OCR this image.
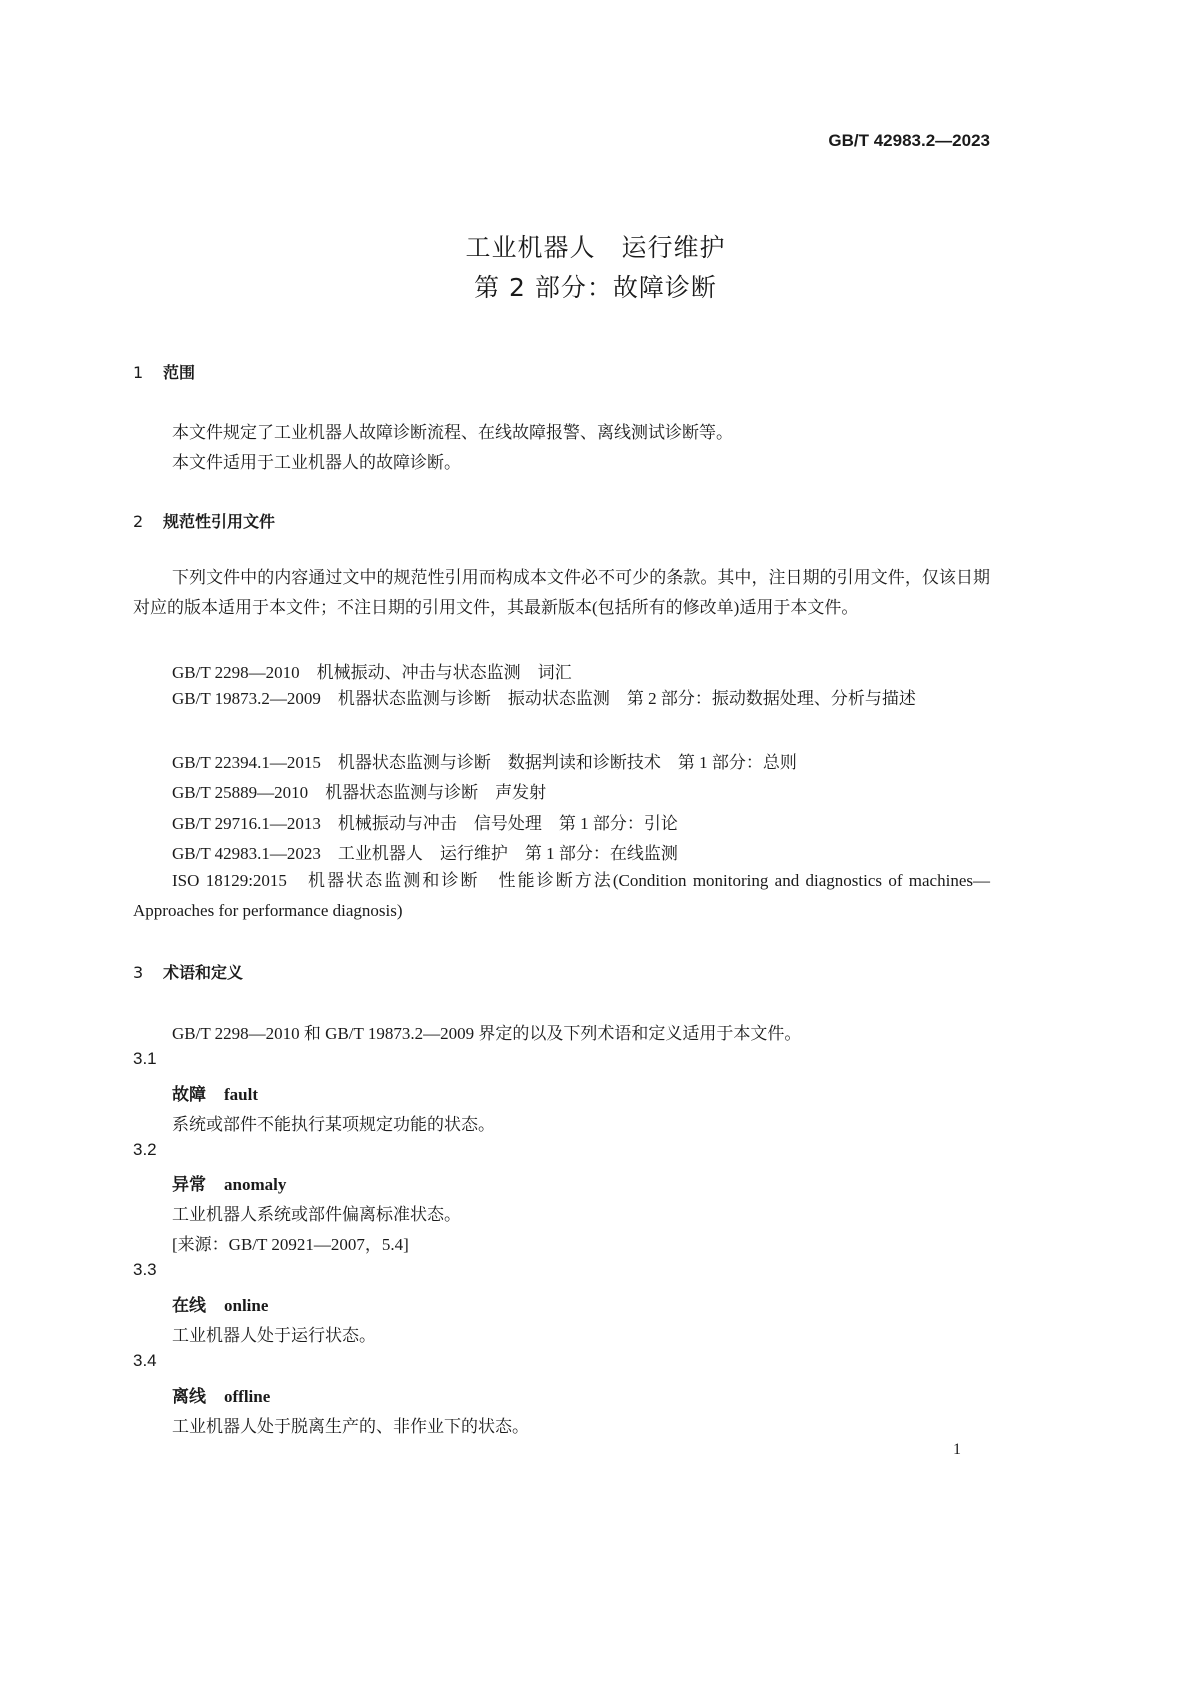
GB/T 42983.2—2023
工业机器人　运行维护
第 2 部分：故障诊断
1 范围
本文件规定了工业机器人故障诊断流程、在线故障报警、离线测试诊断等。
本文件适用于工业机器人的故障诊断。
2 规范性引用文件
下列文件中的内容通过文中的规范性引用而构成本文件必不可少的条款。其中，注日期的引用文件，仅该日期对应的版本适用于本文件；不注日期的引用文件，其最新版本(包括所有的修改单)适用于本文件。
GB/T 2298—2010　机械振动、冲击与状态监测　词汇
GB/T 19873.2—2009　机器状态监测与诊断　振动状态监测　第 2 部分：振动数据处理、分析与描述
GB/T 22394.1—2015　机器状态监测与诊断　数据判读和诊断技术　第 1 部分：总则
GB/T 25889—2010　机器状态监测与诊断　声发射
GB/T 29716.1—2013　机械振动与冲击　信号处理　第 1 部分：引论
GB/T 42983.1—2023　工业机器人　运行维护　第 1 部分：在线监测
ISO 18129:2015　机器状态监测和诊断　性能诊断方法(Condition monitoring and diagnostics of machines—Approaches for performance diagnosis)
3 术语和定义
GB/T 2298—2010 和 GB/T 19873.2—2009 界定的以及下列术语和定义适用于本文件。
3.1
故障 fault
系统或部件不能执行某项规定功能的状态。
3.2
异常 anomaly
工业机器人系统或部件偏离标准状态。
[来源：GB/T 20921—2007，5.4]
3.3
在线 online
工业机器人处于运行状态。
3.4
离线 offline
工业机器人处于脱离生产的、非作业下的状态。
1
